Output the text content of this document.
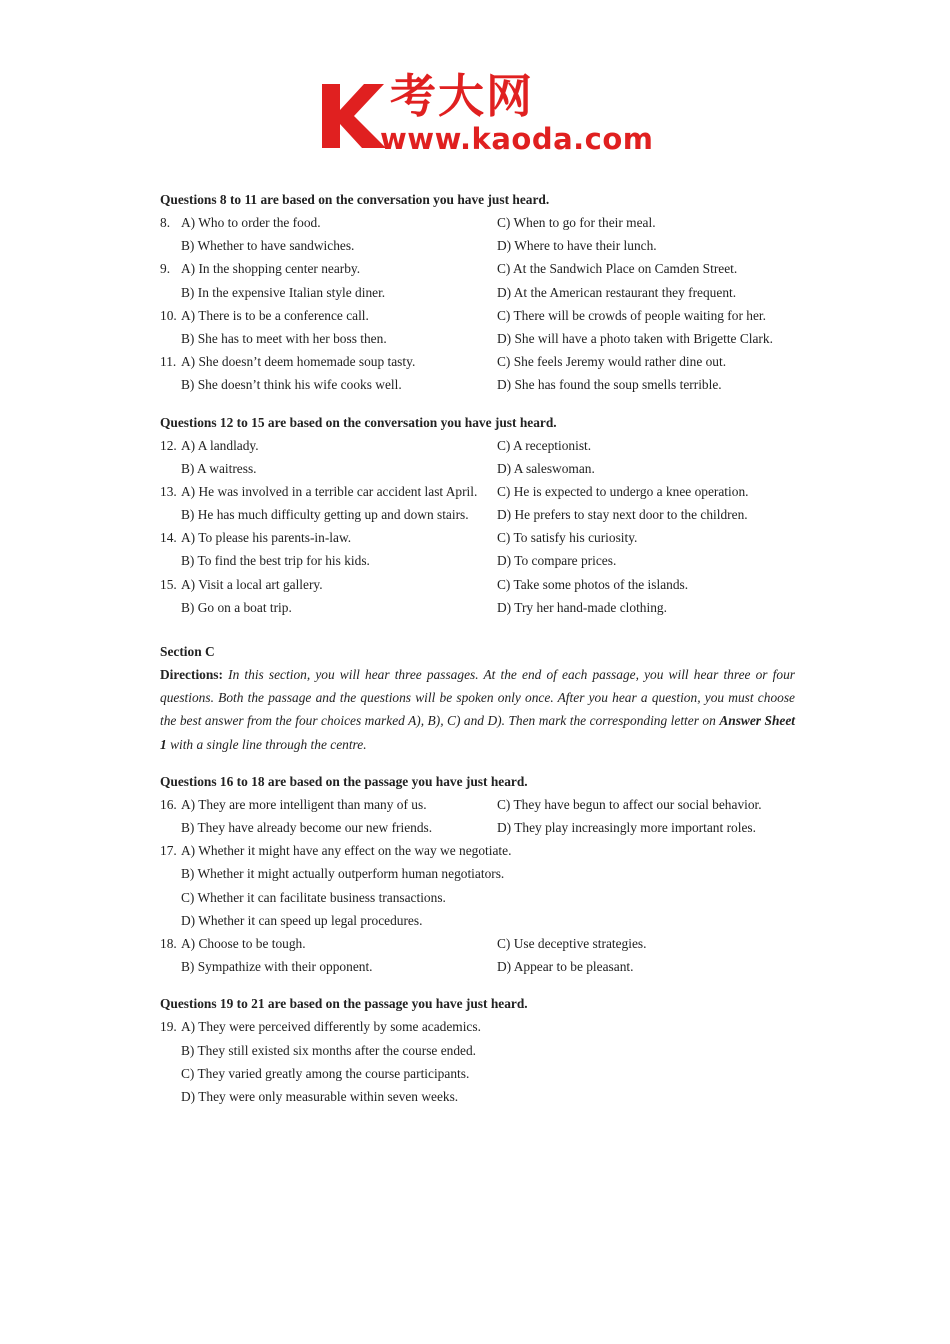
考大网
www.kaoda.com
Questions 8 to 11 are based on the conversation you have just heard.
8. A) Who to order the food.	C) When to go for their meal.
B) Whether to have sandwiches.	D) Where to have their lunch.
9. A) In the shopping center nearby.	C) At the Sandwich Place on Camden Street.
B) In the expensive Italian style diner.	D) At the American restaurant they frequent.
10. A) There is to be a conference call.	C) There will be crowds of people waiting for her.
B) She has to meet with her boss then.	D) She will have a photo taken with Brigette Clark.
11. A) She doesn’t deem homemade soup tasty.	C) She feels Jeremy would rather dine out.
B) She doesn’t think his wife cooks well.	D) She has found the soup smells terrible.
Questions 12 to 15 are based on the conversation you have just heard.
12. A) A landlady.	C) A receptionist.
B) A waitress.	D) A saleswoman.
13. A) He was involved in a terrible car accident last April.	C) He is expected to undergo a knee operation.
B) He has much difficulty getting up and down stairs.	D) He prefers to stay next door to the children.
14. A) To please his parents-in-law.	C) To satisfy his curiosity.
B) To find the best trip for his kids.	D) To compare prices.
15. A) Visit a local art gallery.	C) Take some photos of the islands.
B) Go on a boat trip.	D) Try her hand-made clothing.
Section C
Directions: In this section, you will hear three passages. At the end of each passage, you will hear three or four questions. Both the passage and the questions will be spoken only once. After you hear a question, you must choose the best answer from the four choices marked A), B), C) and D). Then mark the corresponding letter on Answer Sheet 1 with a single line through the centre.
Questions 16 to 18 are based on the passage you have just heard.
16. A) They are more intelligent than many of us.	C) They have begun to affect our social behavior.
B) They have already become our new friends.	D) They play increasingly more important roles.
17. A) Whether it might have any effect on the way we negotiate.
B) Whether it might actually outperform human negotiators.
C) Whether it can facilitate business transactions.
D) Whether it can speed up legal procedures.
18. A) Choose to be tough.	C) Use deceptive strategies.
B) Sympathize with their opponent.	D) Appear to be pleasant.
Questions 19 to 21 are based on the passage you have just heard.
19. A) They were perceived differently by some academics.
B) They still existed six months after the course ended.
C) They varied greatly among the course participants.
D) They were only measurable within seven weeks.
